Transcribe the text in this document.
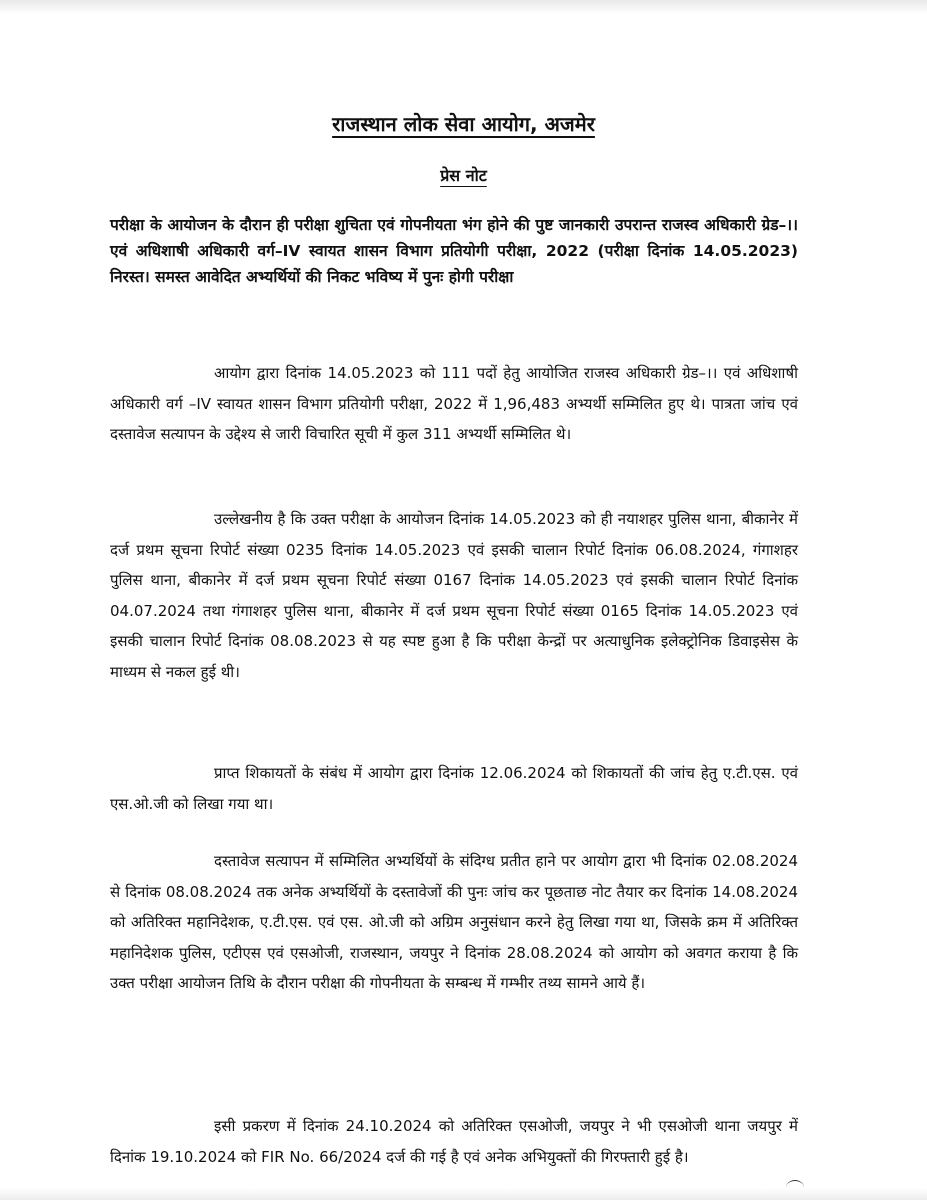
राजस्थान लोक सेवा आयोग, अजमेर
प्रेस नोट
परीक्षा के आयोजन के दौरान ही परीक्षा शुचिता एवं गोपनीयता भंग होने की पुष्ट जानकारी उपरान्त राजस्व अधिकारी ग्रेड–।। एवं अधिशाषी अधिकारी वर्ग–IV स्वायत शासन विभाग प्रतियोगी परीक्षा, 2022 (परीक्षा दिनांक 14.05.2023) निरस्त। समस्त आवेदित अभ्यर्थियों की निकट भविष्य में पुनः होगी परीक्षा

आयोग द्वारा दिनांक 14.05.2023 को 111 पदों हेतु आयोजित राजस्व अधिकारी ग्रेड–।। एवं अधिशाषी अधिकारी वर्ग –IV स्वायत शासन विभाग प्रतियोगी परीक्षा, 2022 में 1,96,483 अभ्यर्थी सम्मिलित हुए थे। पात्रता जांच एवं दस्तावेज सत्यापन के उद्देश्य से जारी विचारित सूची में कुल 311 अभ्यर्थी सम्मिलित थे।

उल्लेखनीय है कि उक्त परीक्षा के आयोजन दिनांक 14.05.2023 को ही नयाशहर पुलिस थाना, बीकानेर में दर्ज प्रथम सूचना रिपोर्ट संख्या 0235 दिनांक 14.05.2023 एवं इसकी चालान रिपोर्ट दिनांक 06.08.2024, गंगाशहर पुलिस थाना, बीकानेर में दर्ज प्रथम सूचना रिपोर्ट संख्या 0167 दिनांक 14.05.2023 एवं इसकी चालान रिपोर्ट दिनांक 04.07.2024 तथा गंगाशहर पुलिस थाना, बीकानेर में दर्ज प्रथम सूचना रिपोर्ट संख्या 0165 दिनांक 14.05.2023 एवं इसकी चालान रिपोर्ट दिनांक 08.08.2023 से यह स्पष्ट हुआ है कि परीक्षा केन्द्रों पर अत्याधुनिक इलेक्ट्रोनिक डिवाइसेस के माध्यम से नकल हुई थी।

प्राप्त शिकायतों के संबंध में आयोग द्वारा दिनांक 12.06.2024 को शिकायतों की जांच हेतु ए.टी.एस. एवं एस.ओ.जी को लिखा गया था।

दस्तावेज सत्यापन में सम्मिलित अभ्यर्थियों के संदिग्ध प्रतीत हाने पर आयोग द्वारा भी दिनांक 02.08.2024 से दिनांक 08.08.2024 तक अनेक अभ्यर्थियों के दस्तावेजों की पुनः जांच कर पूछताछ नोट तैयार कर दिनांक 14.08.2024 को अतिरिक्त महानिदेशक, ए.टी.एस. एवं एस. ओ.जी को अग्रिम अनुसंधान करने हेतु लिखा गया था, जिसके क्रम में अतिरिक्त महानिदेशक पुलिस, एटीएस एवं एसओजी, राजस्थान, जयपुर ने दिनांक 28.08.2024 को आयोग को अवगत कराया है कि उक्त परीक्षा आयोजन तिथि के दौरान परीक्षा की गोपनीयता के सम्बन्ध में गम्भीर तथ्य सामने आये हैं।

इसी प्रकरण में दिनांक 24.10.2024 को अतिरिक्त एसओजी, जयपुर ने भी एसओजी थाना जयपुर में दिनांक 19.10.2024 को FIR No. 66/2024 दर्ज की गई है एवं अनेक अभियुक्तों की गिरफ्तारी हुई है।
